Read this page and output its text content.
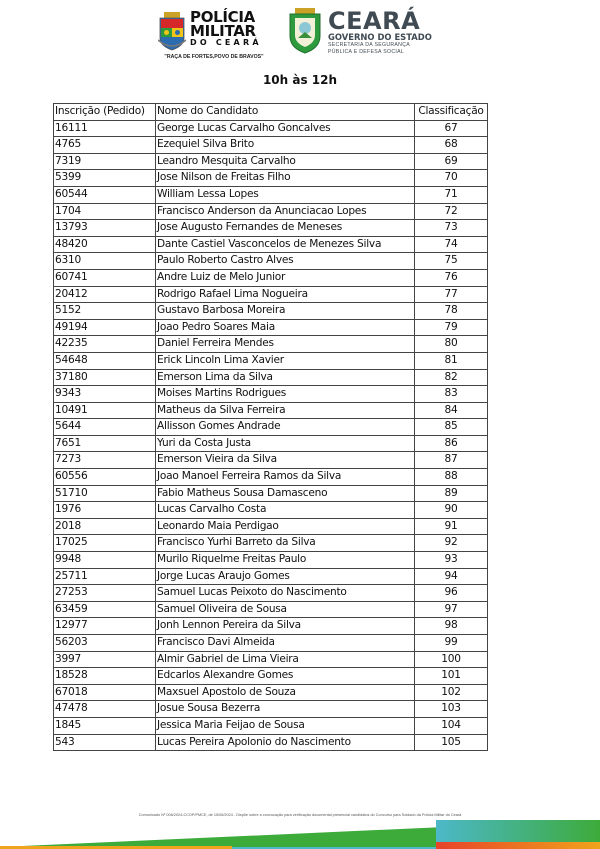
POLÍCIA
MILITAR
DO CEARÁ
"RAÇA DE FORTES,POVO DE BRAVOS"
CEARÁ
GOVERNO DO ESTADO
SECRETARIA DA SEGURANÇA
PÚBLICA E DEFESA SOCIAL
10h às 12h
Inscrição (Pedido)	Nome do Candidato	Classificação
16111	George Lucas Carvalho Goncalves	67
4765	Ezequiel Silva Brito	68
7319	Leandro Mesquita Carvalho	69
5399	Jose Nilson de Freitas Filho	70
60544	William Lessa Lopes	71
1704	Francisco Anderson da Anunciacao Lopes	72
13793	Jose Augusto Fernandes de Meneses	73
48420	Dante Castiel Vasconcelos de Menezes Silva	74
6310	Paulo Roberto Castro Alves	75
60741	Andre Luiz de Melo Junior	76
20412	Rodrigo Rafael Lima Nogueira	77
5152	Gustavo Barbosa Moreira	78
49194	Joao Pedro Soares Maia	79
42235	Daniel Ferreira Mendes	80
54648	Erick Lincoln Lima Xavier	81
37180	Emerson Lima da Silva	82
9343	Moises Martins Rodrigues	83
10491	Matheus da Silva Ferreira	84
5644	Allisson Gomes Andrade	85
7651	Yuri da Costa Justa	86
7273	Emerson Vieira da Silva	87
60556	Joao Manoel Ferreira Ramos da Silva	88
51710	Fabio Matheus Sousa Damasceno	89
1976	Lucas Carvalho Costa	90
2018	Leonardo Maia Perdigao	91
17025	Francisco Yurhi Barreto da Silva	92
9948	Murilo Riquelme Freitas Paulo	93
25711	Jorge Lucas Araujo Gomes	94
27253	Samuel Lucas Peixoto do Nascimento	96
63459	Samuel Oliveira de Sousa	97
12977	Jonh Lennon Pereira da Silva	98
56203	Francisco Davi Almeida	99
3997	Almir Gabriel de Lima Vieira	100
18528	Edcarlos Alexandre Gomes	101
67018	Maxsuel Apostolo de Souza	102
47478	Josue Sousa Bezerra	103
1845	Jessica Maria Feijao de Sousa	104
543	Lucas Pereira Apolonio do Nascimento	105
Comunicado Nº 006/2024-CCOP/PMCE, de 15/06/2024 - Dispõe sobre a convocação para verificação documental presencial candidatos do Concurso para Soldado da Polícia Militar do Ceará
